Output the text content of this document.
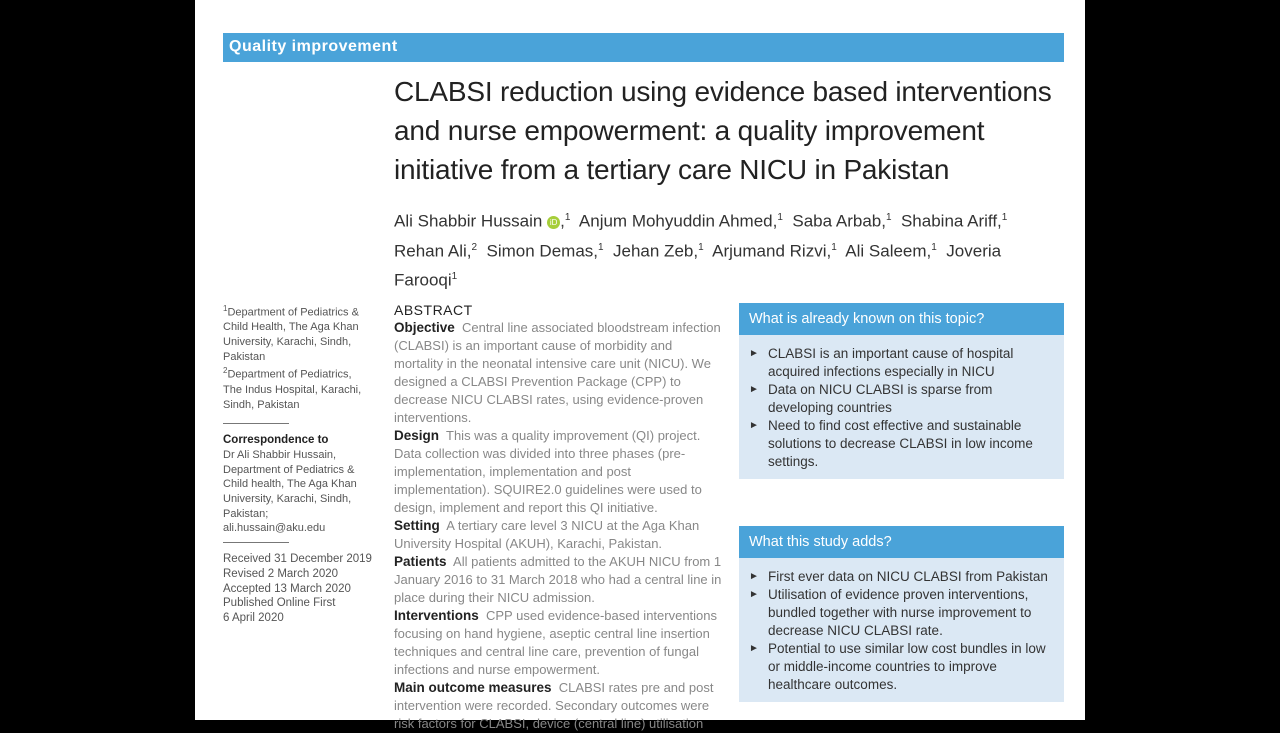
Quality improvement
CLABSI reduction using evidence based interventions
and nurse empowerment: a quality improvement
initiative from a tertiary care NICU in Pakistan
Ali Shabbir Hussain iD ,$^1$ Anjum Mohyuddin Ahmed,$^1$ Saba Arbab,$^1$ Shabina Ariff,$^1$
Rehan Ali,$^2$ Simon Demas,$^1$ Jehan Zeb,$^1$ Arjumand Rizvi,$^1$ Ali Saleem,$^1$ Joveria Farooqi$^1$

$^1$Department of Pediatrics & Child Health, The Aga Khan University, Karachi, Sindh, Pakistan

$^2$Department of Pediatrics, The Indus Hospital, Karachi, Sindh, Pakistan

Correspondence to

Dr Ali Shabbir Hussain, Department of Pediatrics & Child health, The Aga Khan University, Karachi, Sindh, Pakistan; ali.hussain@aku.edu

Received 31 December 2019

Revised 2 March 2020

Accepted 13 March 2020

Published Online First 6 April 2020

ABSTRACT

Objective Central line associated bloodstream infection (CLABSI) is an important cause of morbidity and mortality in the neonatal intensive care unit (NICU). We designed a CLABSI Prevention Package (CPP) to decrease NICU CLABSI rates, using evidence-proven interventions.

Design This was a quality improvement (QI) project. Data collection was divided into three phases (pre-implementation, implementation and post implementation). SQUIRE2.0 guidelines were used to design, implement and report this QI initiative.

Setting A tertiary care level 3 NICU at the Aga Khan University Hospital (AKUH), Karachi, Pakistan.

Patients All patients admitted to the AKUH NICU from 1 January 2016 to 31 March 2018 who had a central line in place during their NICU admission.

Interventions CPP used evidence-based interventions focusing on hand hygiene, aseptic central line insertion techniques and central line care, prevention of fungal infections and nurse empowerment.

Main outcome measures CLABSI rates pre and post intervention were recorded. Secondary outcomes were risk factors for CLABSI, device (central line) utilisation

What is already known on this topic?
► CLABSI is an important cause of hospital acquired infections especially in NICU
► Data on NICU CLABSI is sparse from developing countries
► Need to find cost effective and sustainable solutions to decrease CLABSI in low income settings.
What this study adds?
► First ever data on NICU CLABSI from Pakistan
► Utilisation of evidence proven interventions, bundled together with nurse improvement to decrease NICU CLABSI rate.
► Potential to use similar low cost bundles in low or middle-income countries to improve healthcare outcomes.
